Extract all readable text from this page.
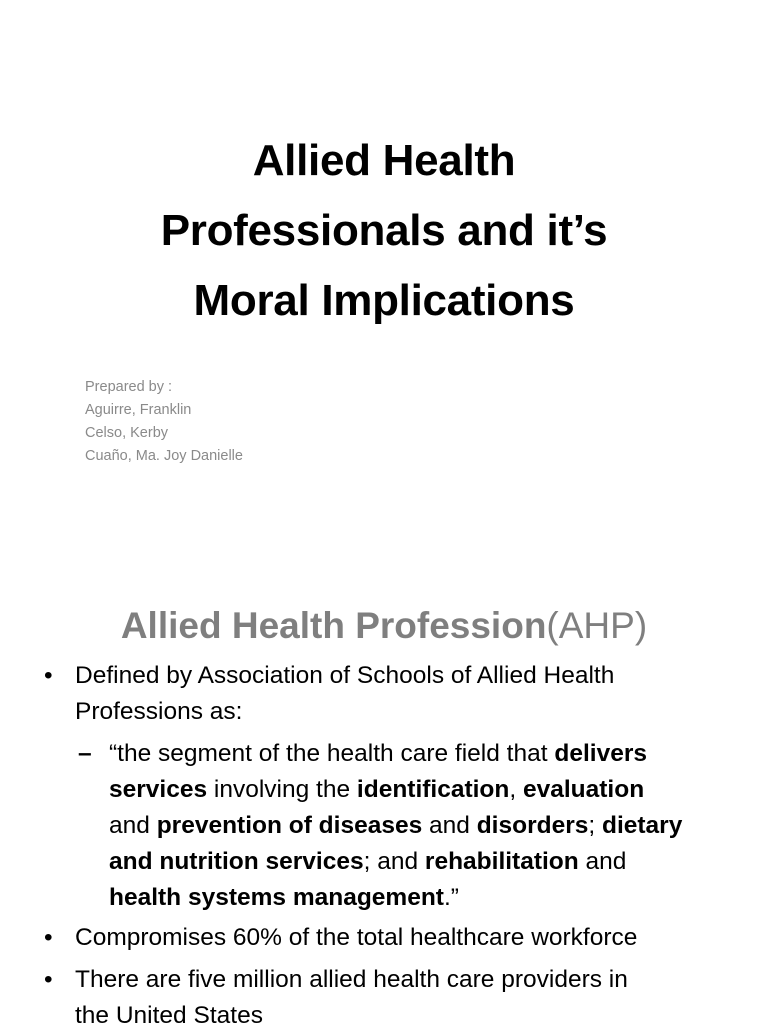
Allied Health
Professionals and it’s
Moral Implications
Prepared by :
Aguirre, Franklin
Celso, Kerby
Cuaño, Ma. Joy Danielle
Allied Health Profession(AHP)
• Defined by Association of Schools of Allied Health
Professions as:
– “the segment of the health care field that delivers
services involving the identification, evaluation
and prevention of diseases and disorders; dietary
and nutrition services; and rehabilitation and
health systems management.”
• Compromises 60% of the total healthcare workforce
• There are five million allied health care providers in
the United States
